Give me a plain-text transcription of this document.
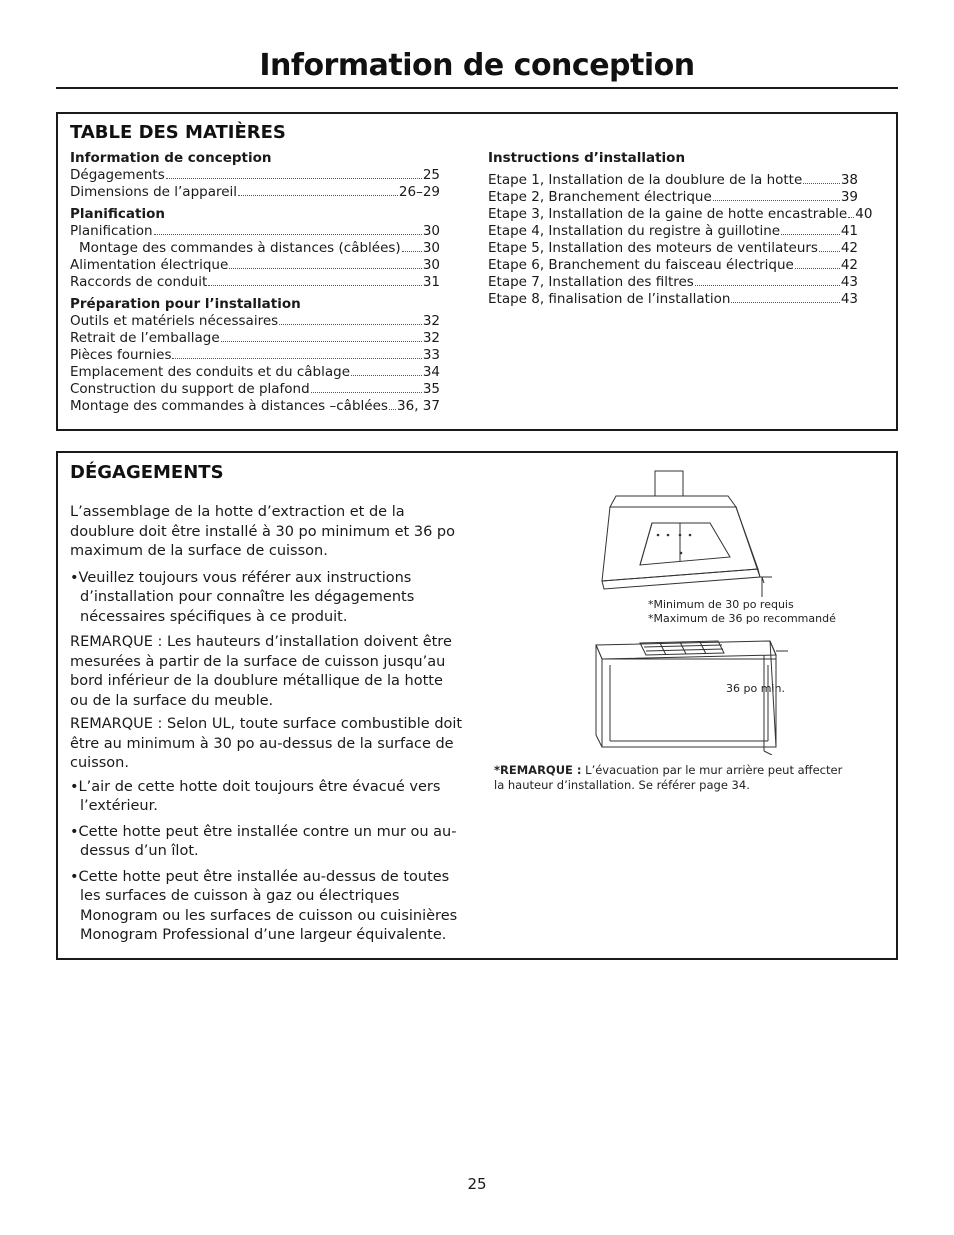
Information de conception
TABLE DES MATIÈRES
Information de conception
Dégagements	25
Dimensions de l’appareil	26–29
Planification
Planification	30
Montage des commandes à distances (câblées) 30
Alimentation électrique	30
Raccords de conduit	31
Préparation pour l’installation
Outils et matériels nécessaires	32
Retrait de l’emballage	32
Pièces fournies	33
Emplacement des conduits et du câblage	34
Construction du support de plafond	35
Montage des commandes à distances –câblées 36, 37
Instructions d’installation
Etape 1, Installation de la doublure de la hotte	38
Etape 2, Branchement électrique	39
Etape 3, Installation de la gaine de hotte encastrable 40
Etape 4, Installation du registre à guillotine	41
Etape 5, Installation des moteurs de ventilateurs 42
Etape 6, Branchement du faisceau électrique	42
Etape 7, Installation des filtres	43
Etape 8, finalisation de l’installation	43
DÉGAGEMENTS

L’assemblage de la hotte d’extraction et de la doublure doit être installé à 30 po minimum et 36 po maximum de la surface de cuisson.

•Veuillez toujours vous référer aux instructions d’installation pour connaître les dégagements nécessaires spécifiques à ce produit.

REMARQUE : Les hauteurs d’installation doivent être mesurées à partir de la surface de cuisson jusqu’au bord inférieur de la doublure métallique de la hotte ou de la surface du meuble.

REMARQUE : Selon UL, toute surface combustible doit être au minimum à 30 po au-dessus de la surface de cuisson.

•L’air de cette hotte doit toujours être évacué vers l’extérieur.

•Cette hotte peut être installée contre un mur ou au-dessus d’un îlot.

•Cette hotte peut être installée au-dessus de toutes les surfaces de cuisson à gaz ou électriques Monogram ou les surfaces de cuisson ou cuisinières Monogram Professional d’une largeur équivalente.

*Minimum de 30 po requis
*Maximum de 36 po recommandé
36 po min.
*REMARQUE : L’évacuation par le mur arrière peut affecter la hauteur d’installation. Se référer page 34.
25
